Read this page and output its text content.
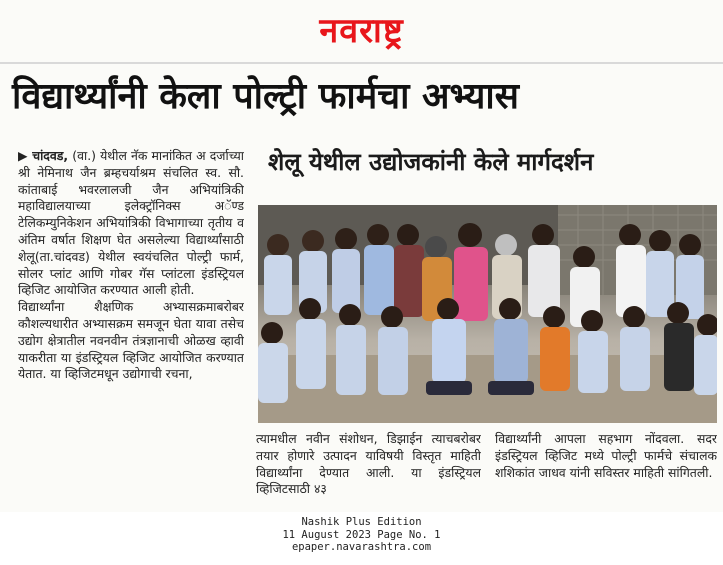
नवराष्ट्र
विद्यार्थ्यांनी केला पोल्ट्री फार्मचा अभ्यास
शेलू येथील उद्योजकांनी केले मार्गदर्शन

▶ चांदवड, (वा.) येथील नॅक मानांकित अ दर्जाच्या श्री नेमिनाथ जैन ब्रम्हचर्याश्रम संचलित स्व. सौ. कांताबाई भवरलालजी जैन अभियांत्रिकी महाविद्यालयाच्या इलेक्ट्रॉनिक्स अॅण्ड टेलिकम्युनिकेशन अभियांत्रिकी विभागाच्या तृतीय व अंतिम वर्षात शिक्षण घेत असलेल्या विद्यार्थ्यांसाठी शेलू(ता.चांदवड) येथील स्वयंचलित पोल्ट्री फार्म, सोलर प्लांट आणि गोबर गॅस प्लांटला इंडस्ट्रियल व्हिजिट आयोजित करण्यात आली होती.

विद्यार्थ्यांना शैक्षणिक अभ्यासक्रमाबरोबर कौशल्यधारीत अभ्यासक्रम समजून घेता यावा तसेच उद्योग क्षेत्रातील नवनवीन तंत्रज्ञानाची ओळख व्हावी याकरीता या इंडस्ट्रियल व्हिजिट आयोजित करण्यात येतात. या व्हिजिटमधून उद्योगाची रचना,

त्यामधील नवीन संशोधन, डिझाईन त्याचबरोबर तयार होणारे उत्पादन याविषयी विस्तृत माहिती विद्यार्थ्यांना देण्यात आली. या इंडस्ट्रियल व्हिजिटसाठी ४३
विद्यार्थ्यांनी आपला सहभाग नोंदवला. सदर इंडस्ट्रियल व्हिजिट मध्ये पोल्ट्री फार्मचे संचालक शशिकांत जाधव यांनी सविस्तर माहिती सांगितली.
Nashik Plus Edition
11 August 2023 Page No. 1
epaper.navarashtra.com
